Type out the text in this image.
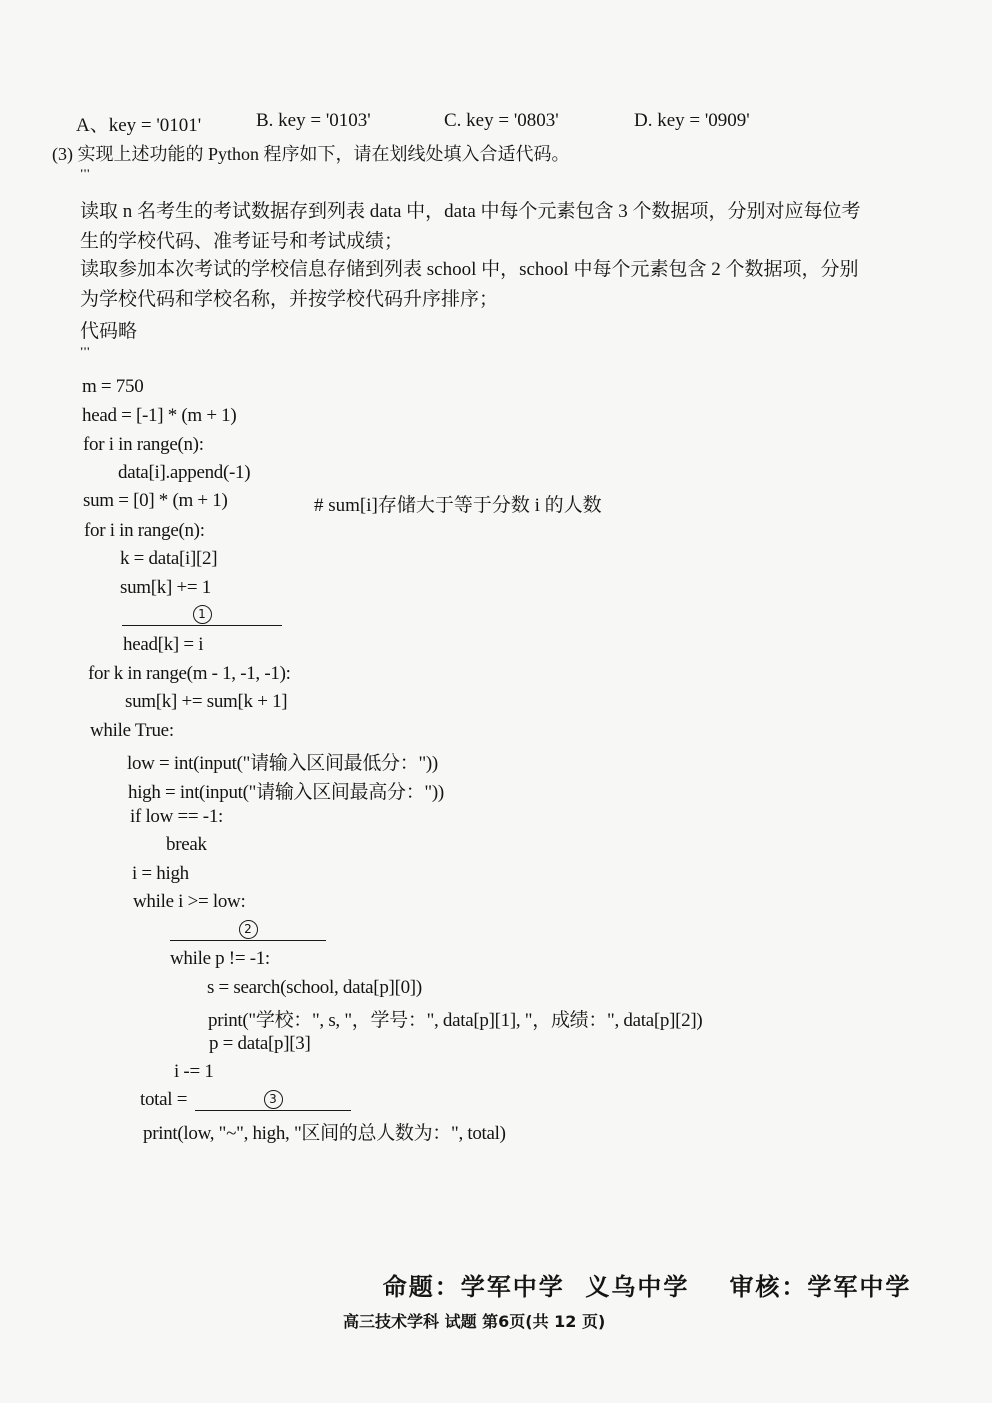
A、key = '0101'

	B. key = '0103'

	C. key = '0803'

	D. key = '0909'

(3) 实现上述功能的 Python 程序如下，请在划线处填入合适代码。
'''
读取 n 名考生的考试数据存到列表 data 中，data 中每个元素包含 3 个数据项，分别对应每位考
生的学校代码、准考证号和考试成绩；
读取参加本次考试的学校信息存储到列表 school 中，school 中每个元素包含 2 个数据项，分别
为学校代码和学校名称，并按学校代码升序排序；
代码略
'''
m = 750
head = [-1] * (m + 1)
for i in range(n):
data[i].append(-1)
sum = [0] * (m + 1)	# sum[i]存储大于等于分数 i 的人数
for i in range(n):
k = data[i][2]
sum[k] += 1
1
head[k] = i
for k in range(m - 1, -1, -1):
sum[k] += sum[k + 1]
while True:
low = int(input("请输入区间最低分："))
high = int(input("请输入区间最高分："))
if low == -1:
break
i = high
while i >= low:
2
while p != -1:
s = search(school, data[p][0])
print("学校：", s, "，学号：", data[p][1], "，成绩：", data[p][2])
p = data[p][3]
i -= 1
total =	3
print(low, "~", high, "区间的总人数为：", total)

命题：学军中学  义乌中学 审核：学军中学

高三技术学科 试题 第6页(共 12 页)
